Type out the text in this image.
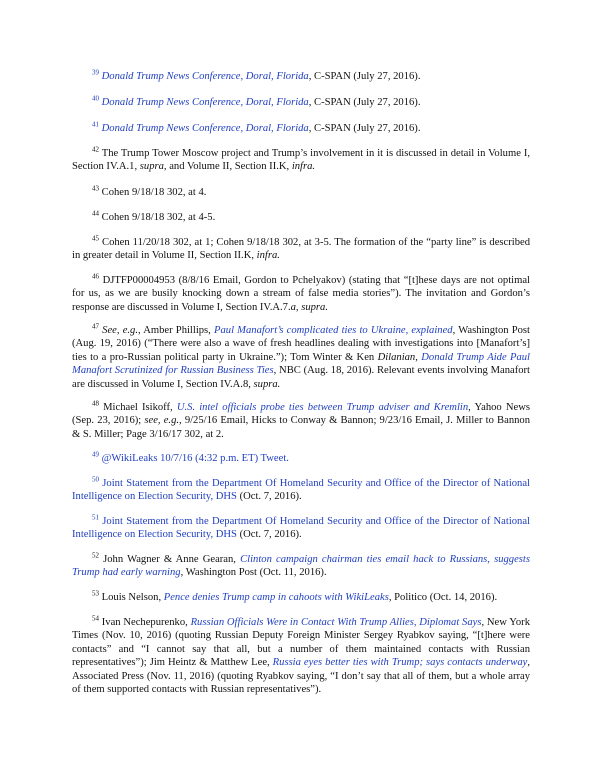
$^{39}$ Donald Trump News Conference, Doral, Florida, C-SPAN (July 27, 2016).

$^{40}$ Donald Trump News Conference, Doral, Florida, C-SPAN (July 27, 2016).

$^{41}$ Donald Trump News Conference, Doral, Florida, C-SPAN (July 27, 2016).

$^{42}$ The Trump Tower Moscow project and Trump’s involvement in it is discussed in detail in Volume I, Section IV.A.1, supra, and Volume II, Section II.K, infra.

$^{43}$ Cohen 9/18/18 302, at 4.

$^{44}$ Cohen 9/18/18 302, at 4-5.

$^{45}$ Cohen 11/20/18 302, at 1; Cohen 9/18/18 302, at 3-5. The formation of the “party line” is described in greater detail in Volume II, Section II.K, infra.

$^{46}$ DJTFP00004953 (8/8/16 Email, Gordon to Pchelyakov) (stating that “[t]hese days are not optimal for us, as we are busily knocking down a stream of false media stories”). The invitation and Gordon’s response are discussed in Volume I, Section IV.A.7.a, supra.

$^{47}$ See, e.g., Amber Phillips, Paul Manafort’s complicated ties to Ukraine, explained, Washington Post (Aug. 19, 2016) (“There were also a wave of fresh headlines dealing with investigations into [Manafort’s] ties to a pro-Russian political party in Ukraine.”); Tom Winter & Ken Dilanian, Donald Trump Aide Paul Manafort Scrutinized for Russian Business Ties, NBC (Aug. 18, 2016). Relevant events involving Manafort are discussed in Volume I, Section IV.A.8, supra.

$^{48}$ Michael Isikoff, U.S. intel officials probe ties between Trump adviser and Kremlin, Yahoo News (Sep. 23, 2016); see, e.g., 9/25/16 Email, Hicks to Conway & Bannon; 9/23/16 Email, J. Miller to Bannon & S. Miller; Page 3/16/17 302, at 2.

$^{49}$ @WikiLeaks 10/7/16 (4:32 p.m. ET) Tweet.

$^{50}$ Joint Statement from the Department Of Homeland Security and Office of the Director of National Intelligence on Election Security, DHS (Oct. 7, 2016).

$^{51}$ Joint Statement from the Department Of Homeland Security and Office of the Director of National Intelligence on Election Security, DHS (Oct. 7, 2016).

$^{52}$ John Wagner & Anne Gearan, Clinton campaign chairman ties email hack to Russians, suggests Trump had early warning, Washington Post (Oct. 11, 2016).

$^{53}$ Louis Nelson, Pence denies Trump camp in cahoots with WikiLeaks, Politico (Oct. 14, 2016).

$^{54}$ Ivan Nechepurenko, Russian Officials Were in Contact With Trump Allies, Diplomat Says, New York Times (Nov. 10, 2016) (quoting Russian Deputy Foreign Minister Sergey Ryabkov saying, “[t]here were contacts” and “I cannot say that all, but a number of them maintained contacts with Russian representatives”); Jim Heintz & Matthew Lee, Russia eyes better ties with Trump; says contacts underway, Associated Press (Nov. 11, 2016) (quoting Ryabkov saying, “I don’t say that all of them, but a whole array of them supported contacts with Russian representatives”).
